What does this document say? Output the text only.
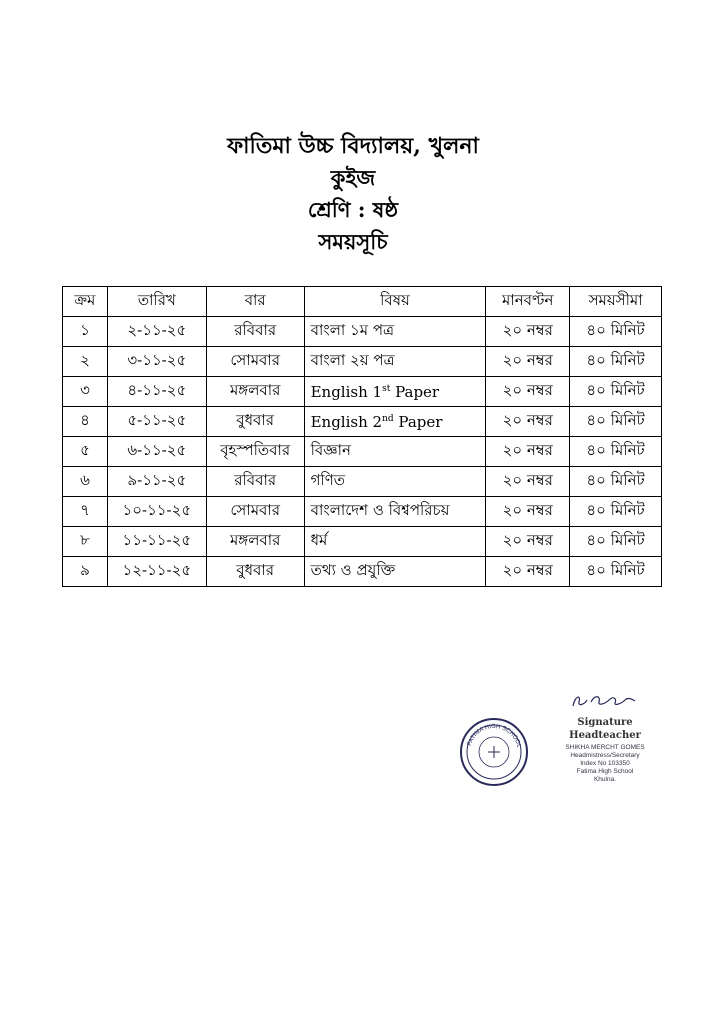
ফাতিমা উচ্চ বিদ্যালয়, খুলনা
কুইজ
শ্রেণি : ষষ্ঠ
সময়সূচি
ক্রম	তারিখ	বার	বিষয়	মানবণ্টন	সময়সীমা
১	২-১১-২৫	রবিবার	বাংলা ১ম পত্র	২০ নম্বর	৪০ মিনিট
২	৩-১১-২৫	সোমবার	বাংলা ২য় পত্র	২০ নম্বর	৪০ মিনিট
৩	৪-১১-২৫	মঙ্গলবার	English 1st Paper	২০ নম্বর	৪০ মিনিট
৪	৫-১১-২৫	বুধবার	English 2nd Paper	২০ নম্বর	৪০ মিনিট
৫	৬-১১-২৫	বৃহস্পতিবার	বিজ্ঞান	২০ নম্বর	৪০ মিনিট
৬	৯-১১-২৫	রবিবার	গণিত	২০ নম্বর	৪০ মিনিট
৭	১০-১১-২৫	সোমবার	বাংলাদেশ ও বিশ্বপরিচয়	২০ নম্বর	৪০ মিনিট
৮	১১-১১-২৫	মঙ্গলবার	ধর্ম	২০ নম্বর	৪০ মিনিট
৯	১২-১১-২৫	বুধবার	তথ্য ও প্রযুক্তি	২০ নম্বর	৪০ মিনিট
FATIMA HIGH SCHOOL
Signature
Headteacher
SHIKHA MERCHT GOMES
Headmistress/Secretary
Index No 103350
Fatima High School
Khulna.
